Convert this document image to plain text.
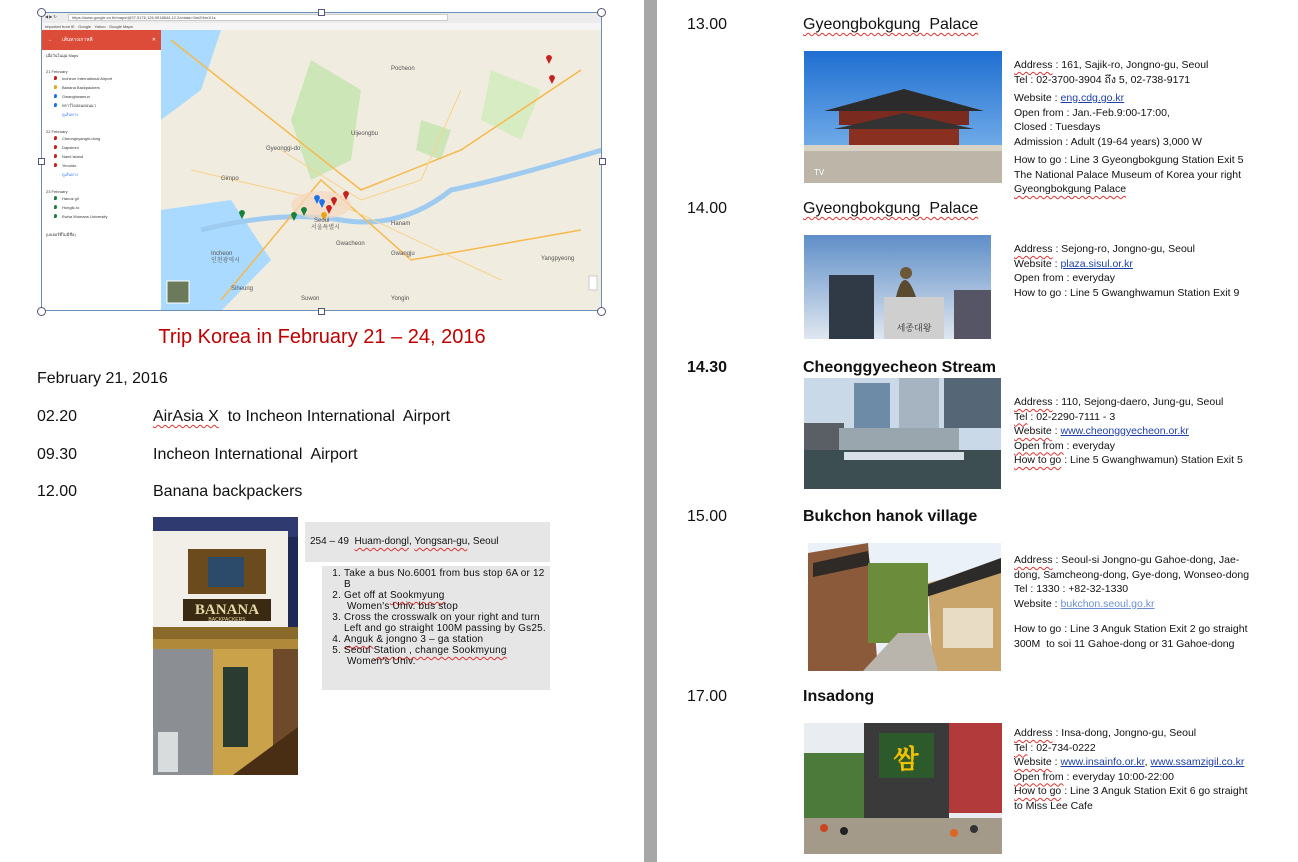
◀ ▶ ↻	https://www.google.co.th/maps/@37.5176,126.9918844,12.2z/data=!4m2!6m1!1s
Imported from IE Google Yahoo Google Maps
← เส้นทางเกาหลี	✕
เมื่อวันในมุม Maps
21 February
Incheon International Airport
Banana Backpackers
Gwanghwamun
ทราว์ไอลอนดอนแว
ดูเส้นทาง
22 February
Cheongnyangni-dong
Dapsimni
Nami Island
Yeouido
ดูเส้นทาง
23 February
Hanok gil
Hongik-ro
Ewha Womans University
(เลเยอร์ที่ไม่มีชื่อ)
Gyeonggi-do
Incheon
인천광역시
Seoul
서울특별시
Gwacheon
Gwangju
Hanam
Pocheon
Yangpyeong
Yongin
Suwon
Siheung
Gimpo
Uijeongbu
Trip Korea in February 21 – 24, 2016
February 21, 2016
02.20	AirAsia X  to Incheon International  Airport
09.30	Incheon International  Airport
12.00	Banana backpackers
BANANA
BACKPACKERS
254 – 49  Huam-dongl, Yongsan-gu, Seoul
1. Take a bus No.6001 from bus stop 6A or 12 B
2. Get off at Sookmyung Women's Univ. bus stop
3. Cross the crosswalk on your right and turn Left and go straight 100M passing by Gs25.
4. Anguk & jongno 3 – ga station
5. Seoul Station , change Sookmyung Women's Univ.
13.00	Gyeongbokgung  Palace
TV
Address : 161, Sajik-ro, Jongno-gu, Seoul
Tel : 02-3700-3904 ถึง 5, 02-738-9171
Website : eng.cdg.go.kr
Open from : Jan.-Feb.9:00-17:00,
Closed : Tuesdays
Admission : Adult (19-64 years) 3,000 W
How to go : Line 3 Gyeongbokgung Station Exit 5
The National Palace Museum of Korea your right
Gyeongbokgung Palace
14.00	Gyeongbokgung  Palace
세종대왕
Address : Sejong-ro, Jongno-gu, Seoul
Website : plaza.sisul.or.kr
Open from : everyday
How to go : Line 5 Gwanghwamun Station Exit 9
14.30	Cheonggyecheon Stream
Address : 110, Sejong-daero, Jung-gu, Seoul
Tel : 02-2290-7111 - 3
Website : www.cheonggyecheon.or.kr
Open from : everyday
How to go : Line 5 Gwanghwamun) Station Exit 5
15.00	Bukchon hanok village
Address : Seoul-si Jongno-gu Gahoe-dong, Jae-
dong, Samcheong-dong, Gye-dong, Wonseo-dong
Tel : 1330 : +82-32-1330
Website : bukchon.seoul.go.kr
How to go : Line 3 Anguk Station Exit 2 go straight
300M  to soi 11 Gahoe-dong or 31 Gahoe-dong
17.00	Insadong
쌈
Address : Insa-dong, Jongno-gu, Seoul
Tel : 02-734-0222
Website : www.insainfo.or.kr, www.ssamzigil.co.kr
Open from : everyday 10:00-22:00
How to go : Line 3 Anguk Station Exit 6 go straight
to Miss Lee Cafe
